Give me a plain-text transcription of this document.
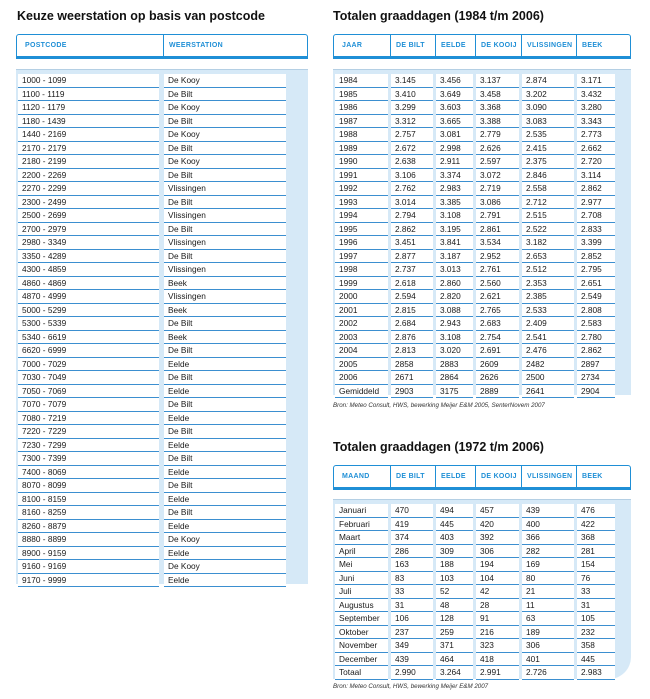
Keuze weerstation op basis van postcode
POSTCODE	WEERSTATION
1000 - 1099	De Kooy
1100 - 1119	De Bilt
1120 - 1179	De Kooy
1180 - 1439	De Bilt
1440 - 2169	De Kooy
2170 - 2179	De Bilt
2180 - 2199	De Kooy
2200 - 2269	De Bilt
2270 - 2299	Vlissingen
2300 - 2499	De Bilt
2500 - 2699	Vlissingen
2700 - 2979	De Bilt
2980 - 3349	Vlissingen
3350 - 4289	De Bilt
4300 - 4859	Vlissingen
4860 - 4869	Beek
4870 - 4999	Vlissingen
5000 - 5299	Beek
5300 - 5339	De Bilt
5340 - 6619	Beek
6620 - 6999	De Bilt
7000 - 7029	Eelde
7030 - 7049	De Bilt
7050 - 7069	Eelde
7070 - 7079	De Bilt
7080 - 7219	Eelde
7220 - 7229	De Bilt
7230 - 7299	Eelde
7300 - 7399	De Bilt
7400 - 8069	Eelde
8070 - 8099	De Bilt
8100 - 8159	Eelde
8160 - 8259	De Bilt
8260 - 8879	Eelde
8880 - 8899	De Kooy
8900 - 9159	Eelde
9160 - 9169	De Kooy
9170 - 9999	Eelde
Totalen graaddagen (1984 t/m 2006)
JAAR	DE BILT	EELDE	DE KOOIJ	VLISSINGEN	BEEK
1984	3.145	3.456	3.137	2.874	3.171
1985	3.410	3.649	3.458	3.202	3.432
1986	3.299	3.603	3.368	3.090	3.280
1987	3.312	3.665	3.388	3.083	3.343
1988	2.757	3.081	2.779	2.535	2.773
1989	2.672	2.998	2.626	2.415	2.662
1990	2.638	2.911	2.597	2.375	2.720
1991	3.106	3.374	3.072	2.846	3.114
1992	2.762	2.983	2.719	2.558	2.862
1993	3.014	3.385	3.086	2.712	2.977
1994	2.794	3.108	2.791	2.515	2.708
1995	2.862	3.195	2.861	2.522	2.833
1996	3.451	3.841	3.534	3.182	3.399
1997	2.877	3.187	2.952	2.653	2.852
1998	2.737	3.013	2.761	2.512	2.795
1999	2.618	2.860	2.560	2.353	2.651
2000	2.594	2.820	2.621	2.385	2.549
2001	2.815	3.088	2.765	2.533	2.808
2002	2.684	2.943	2.683	2.409	2.583
2003	2.876	3.108	2.754	2.541	2.780
2004	2.813	3.020	2.691	2.476	2.862
2005	2858	2883	2609	2482	2897
2006	2671	2864	2626	2500	2734
Gemiddeld	2903	3175	2889	2641	2904
Bron: Meteo Consult, HWS, bewerking Meijer E&M 2005, SenterNovem 2007
Totalen graaddagen (1972 t/m 2006)
MAAND	DE BILT	EELDE	DE KOOIJ	VLISSINGEN	BEEK
Januari	470	494	457	439	476
Februari	419	445	420	400	422
Maart	374	403	392	366	368
April	286	309	306	282	281
Mei	163	188	194	169	154
Juni	83	103	104	80	76
Juli	33	52	42	21	33
Augustus	31	48	28	11	31
September	106	128	91	63	105
Oktober	237	259	216	189	232
November	349	371	323	306	358
December	439	464	418	401	445
Totaal	2.990	3.264	2.991	2.726	2.983
Bron: Meteo Consult, HWS, bewerking Meijer E&M 2007
